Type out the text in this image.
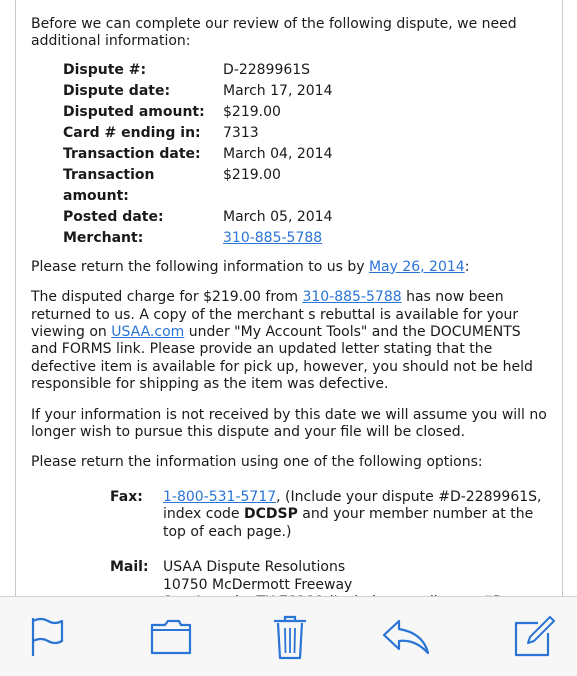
Before we can complete our review of the following dispute, we need additional information:

Dispute #:	D-2289961S
Dispute date:	March 17, 2014
Disputed amount:	$219.00
Card # ending in:	7313
Transaction date:	March 04, 2014
Transaction amount:	$219.00
Posted date:	March 05, 2014
Merchant:	310-885-5788

Please return the following information to us by May 26, 2014:

The disputed charge for $219.00 from 310-885-5788 has now been returned to us. A copy of the merchant s rebuttal is available for your viewing on USAA.com under "My Account Tools" and the DOCUMENTS and FORMS link. Please provide an updated letter stating that the defective item is available for pick up, however, you should not be held responsible for shipping as the item was defective.

If your information is not received by this date we will assume you will no longer wish to pursue this dispute and your file will be closed.

Please return the information using one of the following options:

Fax:	1-800-531-5717, (Include your dispute #D-2289961S, index code DCDSP and your member number at the top of each page.)

Mail:	USAA Dispute Resolutions
10750 McDermott Freeway
